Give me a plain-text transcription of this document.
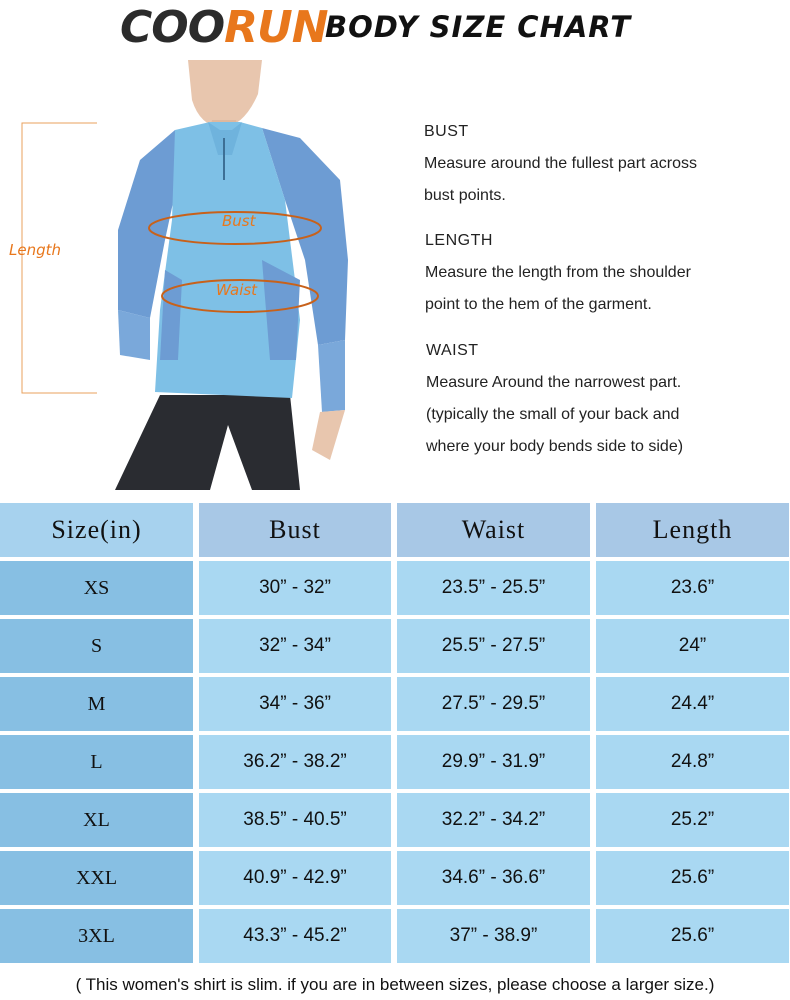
COORUN
BODY SIZE CHART
Length
Bust
Waist
BUST
Measure around the fullest part across
bust points.
LENGTH
Measure the length from the shoulder
point to the hem of the garment.
WAIST
Measure Around the narrowest part.
(typically the small of your back and
where your body bends side to side)
Size(in)	Bust	Waist	Length
XS	30” - 32”	23.5” - 25.5”	23.6”
S	32” - 34”	25.5” - 27.5”	24”
M	34” - 36”	27.5” - 29.5”	24.4”
L	36.2” - 38.2”	29.9” - 31.9”	24.8”
XL	38.5” - 40.5”	32.2” - 34.2”	25.2”
XXL	40.9” - 42.9”	34.6” - 36.6”	25.6”
3XL	43.3” - 45.2”	37” - 38.9”	25.6”
( This women's shirt is slim. if you are in between sizes, please choose a larger size.)
